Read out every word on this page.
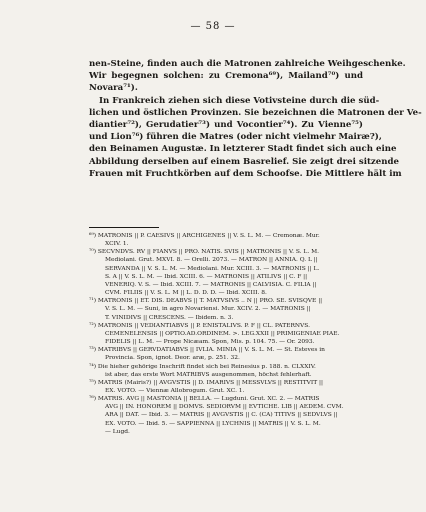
— 58 —
nen-Steine, finden auch die Matronen zahlreiche Weihgeschenke.
Wir begegnen solchen: zu Cremona⁶⁹), Mailand⁷⁰) und
Novara⁷¹).
In Frankreich ziehen sich diese Votivsteine durch die süd-
lichen und östlichen Provinzen. Sie bezeichnen die Matronen der Ve-
diantier⁷²), Gerudatier⁷³) und Vocontier⁷⁴). Zu Vienne⁷⁵)
und Lion⁷⁶) führen die Matres (oder nicht vielmehr Mairæ?),
den Beinamen Augustæ. In letzterer Stadt findet sich auch eine
Abbildung derselben auf einem Basrelief. Sie zeigt drei sitzende
Frauen mit Fruchtkörben auf dem Schoofse. Die Mittlere hält im
⁶⁹) MATRONIS || P. CAESIVS || ARCHIGENES || V. S. L. M. — Cremonæ. Mur.
XCIV. 1.
⁷⁰) SECVNDVS. RV || FIANVS || PRO. NATIS. SVIS || MATRONIS || V. S. L. M.
Mediolani. Grut. MXVI. 8. — Orelli. 2073. — MATRON || ANNIA. Q. L ||
SERVANDA || V. S. L. M. — Mediolani. Mur. XCIII. 3. — MATRONIS || L.
S. A || V. S. L. M. — Ibid. XCIII. 6. — MATRONIS || ATILIVS || C. F ||
VENERIQ. V. S. — Ibid. XCIII. 7. — MATRONIS || CALVISIA. C. FILIA ||
CVM. FILIIS || V. S. L. M || L. D. D. D. — Ibid. XCIII. 8.
⁷¹) MATRONIS || ET. DIS. DEABVS || T. MATVSIVS .. N || PRO. SE. SVISQVE ||
V. S. L. M. — Suni, in agro Novariensi. Mur. XCIV. 2. — MATRONIS ||
T. VINIDIVS || CRESCENS. — Ibidem. n. 3.
⁷²) MATRONIS || VEDIANTIABVS || P. ENISTALIVS. P. F || CL. PATERNVS.
CEMENELENSIS || OPTIO.AD.ORDINEM. >. LEG.XXII || PRIMIGENIAE PIAE.
FIDELIS || L. M. — Prope Nicæam. Spon, Mis. p. 104. 75. — Or. 2093.
⁷³) MATRIBVS || GERVDATIABVS || IVLIA. MINIA || V. S. L. M. — St. Esteves in
Provincia. Spon, ignot. Deor. aræ, p. 251. 32.
⁷⁴) Die hieher gehörige Inschrift findet sich bei Reinesius p. 188. n. CLXXIV.
ist aber, das erste Wort MATRIBVS ausgenommen, höchst fehlerhaft.
⁷⁵) MATRIS (Mairis?) || AVGVSTIS || D. IMARIVS || MESSVLVS || RESTITVIT ||
EX. VOTO. — Viennæ Allobrogum. Grut. XC. 1.
⁷⁶) MATRIS. AVG || MASTONIA || BELLA. — Lugduni. Grut. XC. 2. — MATRIS
AVG || IN. HONOREM || DOMVS. SEDIORVM || EVTICHE. LIB || AEDEM. CVM.
ARA || DAT. — Ibid. 3. — MATRIS || AVGVSTIS || C. (CA) TITIVS || SEDVLVS ||
EX. VOTO. — Ibid. 5. — SAPPIENNA || LYCHNIS || MATRIS || V. S. L. M.
— Lugd.
